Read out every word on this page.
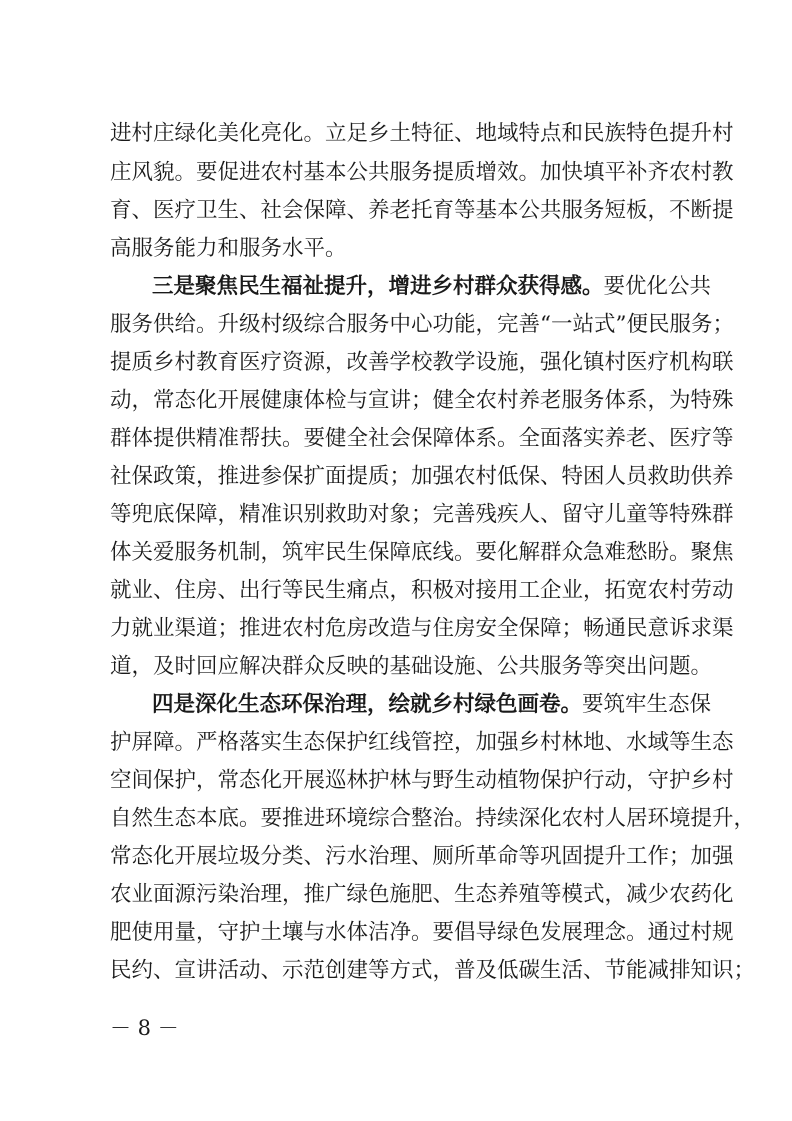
进村庄绿化美化亮化。立足乡土特征、地域特点和民族特色提升村
庄风貌。要促进农村基本公共服务提质增效。加快填平补齐农村教
育、医疗卫生、社会保障、养老托育等基本公共服务短板，不断提
高服务能力和服务水平。
三是聚焦民生福祉提升，增进乡村群众获得感。要优化公共
服务供给。升级村级综合服务中心功能，完善“一站式”便民服务；
提质乡村教育医疗资源，改善学校教学设施，强化镇村医疗机构联
动，常态化开展健康体检与宣讲；健全农村养老服务体系，为特殊
群体提供精准帮扶。要健全社会保障体系。全面落实养老、医疗等
社保政策，推进参保扩面提质；加强农村低保、特困人员救助供养
等兜底保障，精准识别救助对象；完善残疾人、留守儿童等特殊群
体关爱服务机制，筑牢民生保障底线。要化解群众急难愁盼。聚焦
就业、住房、出行等民生痛点，积极对接用工企业，拓宽农村劳动
力就业渠道；推进农村危房改造与住房安全保障；畅通民意诉求渠
道，及时回应解决群众反映的基础设施、公共服务等突出问题。
四是深化生态环保治理，绘就乡村绿色画卷。要筑牢生态保
护屏障。严格落实生态保护红线管控，加强乡村林地、水域等生态
空间保护，常态化开展巡林护林与野生动植物保护行动，守护乡村
自然生态本底。要推进环境综合整治。持续深化农村人居环境提升，
常态化开展垃圾分类、污水治理、厕所革命等巩固提升工作；加强
农业面源污染治理，推广绿色施肥、生态养殖等模式，减少农药化
肥使用量，守护土壤与水体洁净。要倡导绿色发展理念。通过村规
民约、宣讲活动、示范创建等方式，普及低碳生活、节能减排知识；
－ 8 －
